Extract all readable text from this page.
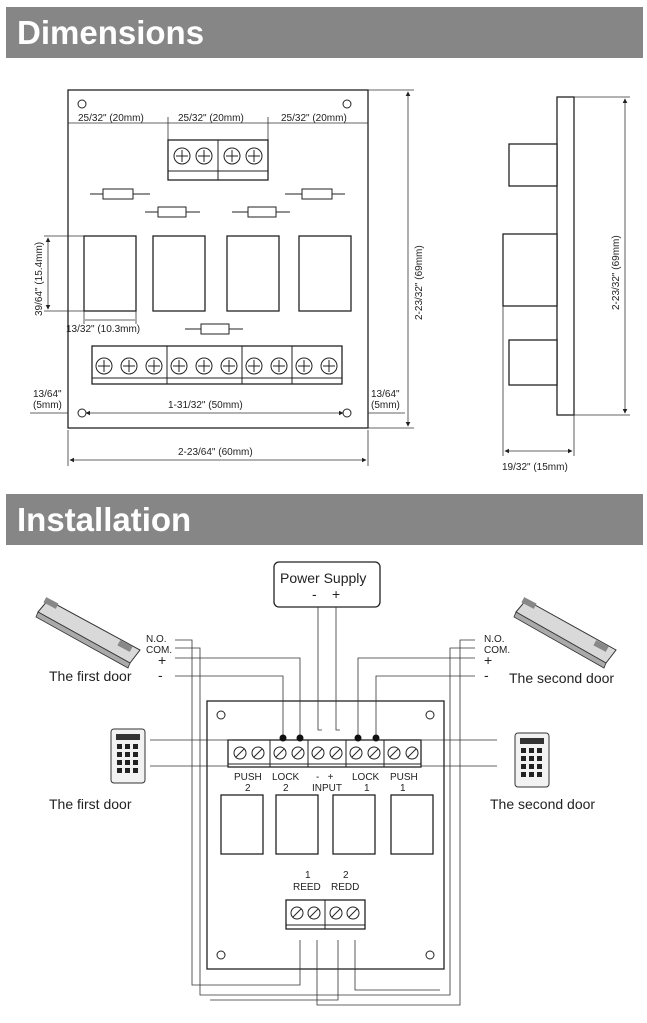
Dimensions
Installation
25/32" (20mm)	25/32" (20mm)	25/32" (20mm)
39/64" (15.4mm)
13/32" (10.3mm)
1-31/32" (50mm)
13/64"
(5mm)
13/64"
(5mm)
2-23/64" (60mm)
2-23/32" (69mm)	2-23/32" (69mm)
19/32" (15mm)
Power Supply
- +
PUSH
2
LOCK
2
-   +
INPUT
LOCK
1
PUSH
1
1
REED
2
REDD
N.O.
COM.
+
-
N.O.
COM.
+
-
The first door	The second door
The first door	The second door
